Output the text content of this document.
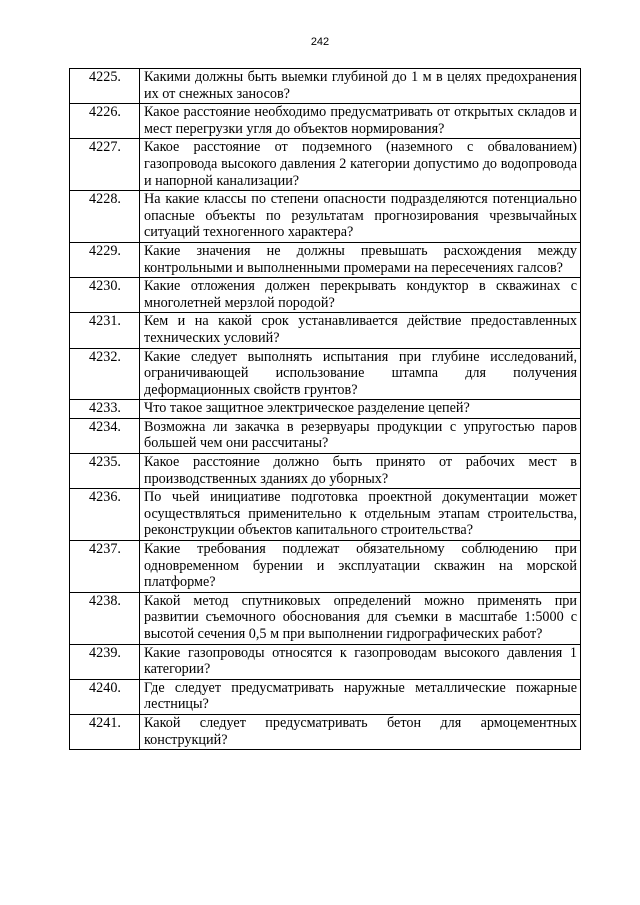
242
4225.	Какими должны быть выемки глубиной до 1 м в целях предохранения их от снежных заносов?
4226.	Какое расстояние необходимо предусматривать от открытых складов и мест перегрузки угля до объектов нормирования?
4227.	Какое расстояние от подземного (наземного с обвалованием) газопровода высокого давления 2 категории допустимо до водопровода и напорной канализации?
4228.	На какие классы по степени опасности подразделяются потенциально опасные объекты по результатам прогнозирования чрезвычайных ситуаций техногенного характера?
4229.	Какие значения не должны превышать расхождения между контрольными и выполненными промерами на пересечениях галсов?
4230.	Какие отложения должен перекрывать кондуктор в скважинах с многолетней мерзлой породой?
4231.	Кем и на какой срок устанавливается действие предоставленных технических условий?
4232.	Какие следует выполнять испытания при глубине исследований, ограничивающей использование штампа для получения деформационных свойств грунтов?
4233.	Что такое защитное электрическое разделение цепей?
4234.	Возможна ли закачка в резервуары продукции с упругостью паров большей чем они рассчитаны?
4235.	Какое расстояние должно быть принято от рабочих мест в производственных зданиях до уборных?
4236.	По чьей инициативе подготовка проектной документации может осуществляться применительно к отдельным этапам строительства, реконструкции объектов капитального строительства?
4237.	Какие требования подлежат обязательному соблюдению при одновременном бурении и эксплуатации скважин на морской платформе?
4238.	Какой метод спутниковых определений можно применять при развитии съемочного обоснования для съемки в масштабе 1:5000 с высотой сечения 0,5 м при выполнении гидрографических работ?
4239.	Какие газопроводы относятся к газопроводам высокого давления 1 категории?
4240.	Где следует предусматривать наружные металлические пожарные лестницы?
4241.	Какой следует предусматривать бетон для армоцементных конструкций?
